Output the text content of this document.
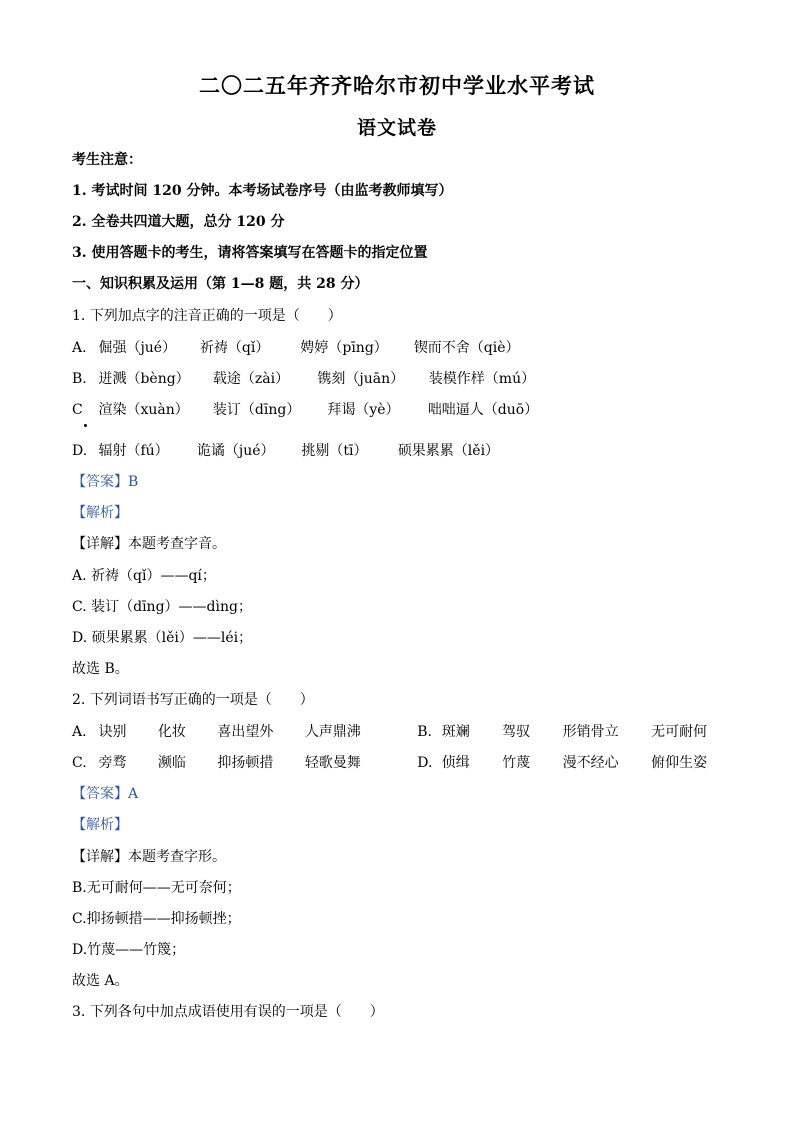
二〇二五年齐齐哈尔市初中学业水平考试
语文试卷
考生注意：
1. 考试时间 120 分钟。本考场试卷序号（由监考教师填写）
2. 全卷共四道大题，总分 120 分
3. 使用答题卡的考生，请将答案填写在答题卡的指定位置
一、知识积累及运用（第 1—8 题，共 28 分）
1. 下列加点字的注音正确的一项是（　　）
A. 倔强（jué） 祈祷（qǐ） 娉婷（pīng） 锲而不舍（qiè）
B. 迸溅（bèng） 载途（zài） 镌刻（juān） 装模作样（mú）
C 渲染（xuàn） 装订（dīng） 拜谒（yè） 咄咄逼人（duō）
D. 辐射（fú） 诡谲（jué） 挑剔（tī） 硕果累累（lěi）
【答案】B
【解析】
【详解】本题考查字音。
A. 祈祷（qǐ）——qí；
C. 装订（dīng）——dìng；
D. 硕果累累（lěi）——léi；
故选 B。
2. 下列词语书写正确的一项是（　　）
A. 诀别 化妆 喜出望外 人声鼎沸	B. 斑斓 驾驭 形销骨立 无可耐何
C. 旁骛 濒临 抑扬顿措 轻歌曼舞	D. 侦缉 竹蔑 漫不经心 俯仰生姿
【答案】A
【解析】
【详解】本题考查字形。
B.无可耐何——无可奈何；
C.抑扬顿措——抑扬顿挫；
D.竹蔑——竹篾；
故选 A。
3. 下列各句中加点成语使用有误的一项是（　　）
